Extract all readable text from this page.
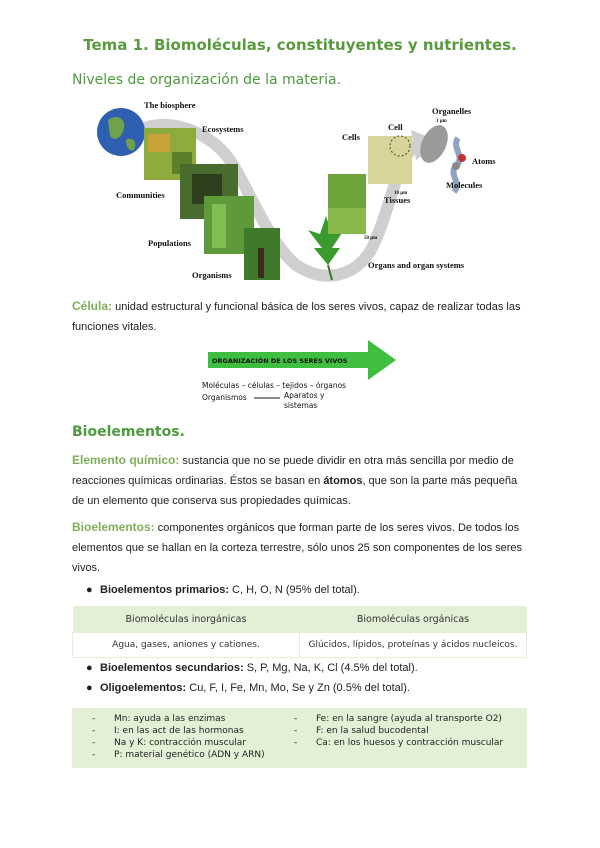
Tema 1. Biomoléculas, constituyentes y nutrientes.
Niveles de organización de la materia.
The biosphere
Ecosystems
Communities
Populations
Organisms
Cells
Cell
Organelles
1 µm
Atoms
Molecules
10 µm
Tissues
50 µm
Organs and organ systems
Célula: unidad estructural y funcional básica de los seres vivos, capaz de realizar todas las funciones vitales.
ORGANIZACIÓN DE LOS SERES VIVOS
Moléculas – células – tejidos – órganos
Organismos	Aparatos y
sistemas
Bioelementos.
Elemento químico: sustancia que no se puede dividir en otra más sencilla por medio de reacciones químicas ordinarias. Éstos se basan en átomos, que son la parte más pequeña de un elemento que conserva sus propiedades químicas.
Bioelementos: componentes orgánicos que forman parte de los seres vivos. De todos los elementos que se hallan en la corteza terrestre, sólo unos 25 son componentes de los seres vivos.
● Bioelementos primarios: C, H, O, N (95% del total).
Biomoléculas inorgánicas	Biomoléculas orgánicas
Agua, gases, aniones y cationes.	Glúcidos, lípidos, proteínas y ácidos nucleicos.
● Bioelementos secundarios: S, P, Mg, Na, K, Cl (4.5% del total).
● Oligoelementos: Cu, F, I, Fe, Mn, Mo, Se y Zn (0.5% del total).
- Mn: ayuda a las enzimas
- I: en las act de las hormonas
- Na y K: contracción muscular
- P: material genético (ADN y ARN)
- Fe: en la sangre (ayuda al transporte O2)
- F: en la salud bucodental
- Ca: en los huesos y contracción muscular
